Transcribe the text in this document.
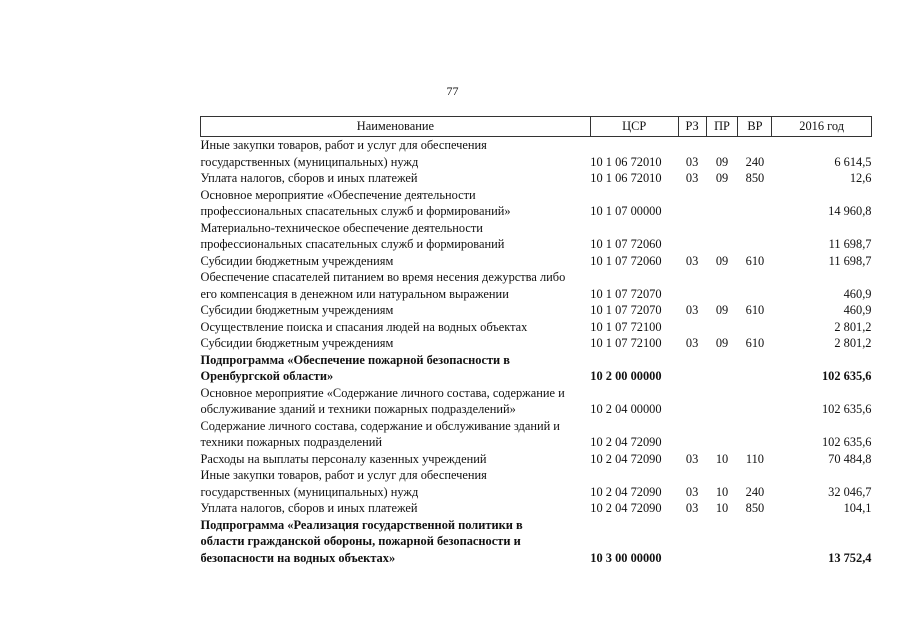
77
Наименование	ЦСР	РЗ	ПР	ВР	2016 год

Иные закупки товаров, работ и услуг для обеспечения
государственных (муниципальных) нужд	10 1 06 72010	03	09	240	6 614,5

Уплата налогов, сборов и иных платежей	10 1 06 72010	03	09	850	12,6

Основное мероприятие «Обеспечение деятельности
профессиональных спасательных служб и формирований»	10 1 07 00000				14 960,8

Материально-техническое обеспечение деятельности
профессиональных спасательных служб и формирований	10 1 07 72060				11 698,7

Субсидии бюджетным учреждениям	10 1 07 72060	03	09	610	11 698,7

Обеспечение спасателей питанием во время несения дежурства либо
его компенсация в денежном или натуральном выражении	10 1 07 72070				460,9

Субсидии бюджетным учреждениям	10 1 07 72070	03	09	610	460,9

Осуществление поиска и спасания людей на водных объектах	10 1 07 72100				2 801,2

Субсидии бюджетным учреждениям	10 1 07 72100	03	09	610	2 801,2

Подпрограмма «Обеспечение пожарной безопасности в
Оренбургской области»	10 2 00 00000				102 635,6

Основное мероприятие «Содержание личного состава, содержание и
обслуживание зданий и техники пожарных подразделений»	10 2 04 00000				102 635,6

Содержание личного состава, содержание и обслуживание зданий и
техники пожарных подразделений	10 2 04 72090				102 635,6

Расходы на выплаты персоналу казенных учреждений	10 2 04 72090	03	10	110	70 484,8

Иные закупки товаров, работ и услуг для обеспечения
государственных (муниципальных) нужд	10 2 04 72090	03	10	240	32 046,7

Уплата налогов, сборов и иных платежей	10 2 04 72090	03	10	850	104,1

Подпрограмма «Реализация государственной политики в
области гражданской обороны, пожарной безопасности и
безопасности на водных объектах»	10 3 00 00000				13 752,4
